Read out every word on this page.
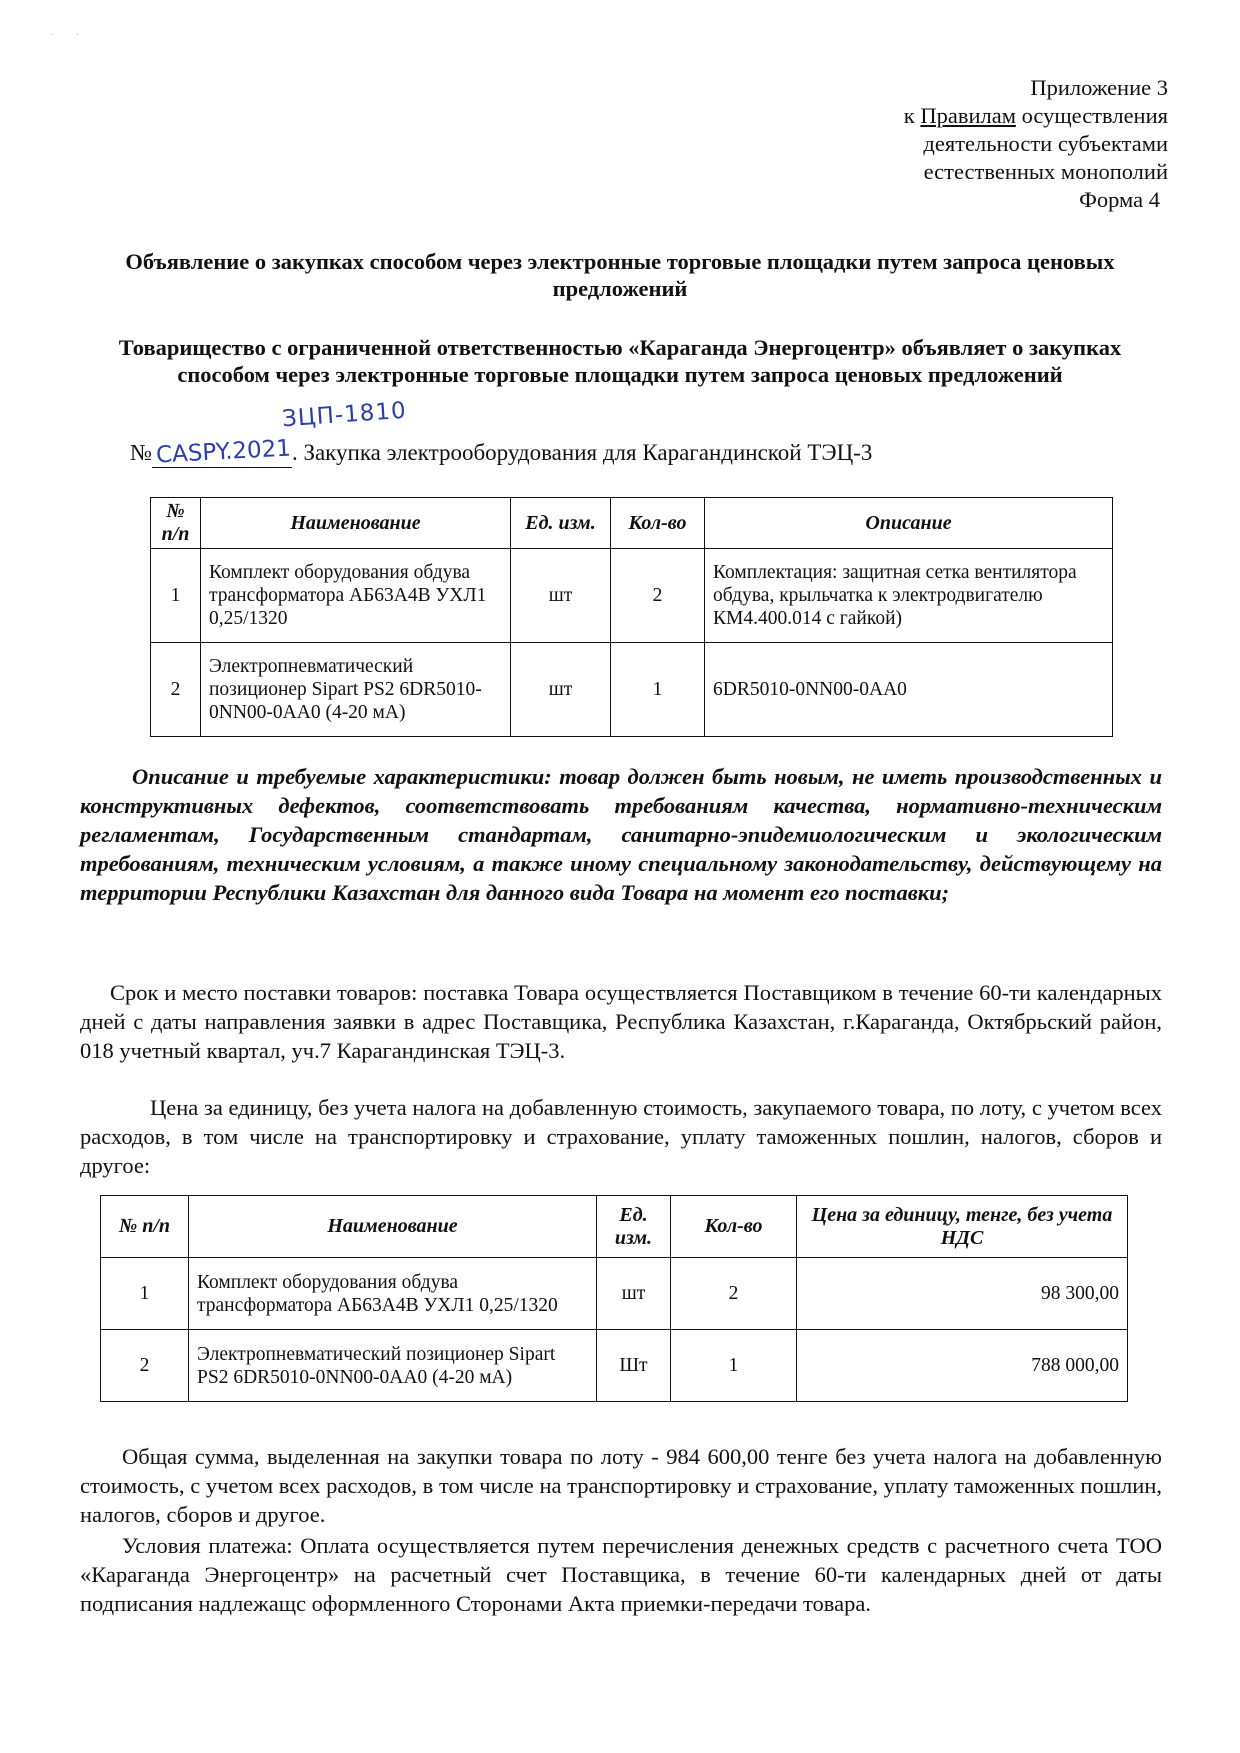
·         ·
Приложение 3
к Правилам осуществления
деятельности субъектами
естественных монополий
Форма 4
Объявление о закупках способом через электронные торговые площадки путем запроса ценовых предложений
Товарищество с ограниченной ответственностью «Караганда Энергоцентр» объявляет о закупках способом через электронные торговые площадки путем запроса ценовых предложений
ЗЦП-1810
№ CASPY.2021 . Закупка электрооборудования для Карагандинской ТЭЦ-3
№ п/п	Наименование	Ед. изм.	Кол-во	Описание
1	Комплект оборудования обдува трансформатора АБ63А4В УХЛ1 0,25/1320	шт	2	Комплектация: защитная сетка вентилятора обдува, крыльчатка к электродвигателю КМ4.400.014 с гайкой)
2	Электропневматический позиционер Sipart PS2 6DR5010-0NN00-0AA0 (4-20 мА)	шт	1	6DR5010-0NN00-0AA0
Описание и требуемые характеристики: товар должен быть новым, не иметь производственных и конструктивных дефектов, соответствовать требованиям качества, нормативно-техническим регламентам, Государственным стандартам, санитарно-эпидемиологическим и экологическим требованиям, техническим условиям, а также иному специальному законодательству, действующему на территории Республики Казахстан для данного вида Товара на момент его поставки;
Срок и место поставки товаров: поставка Товара осуществляется Поставщиком в течение 60-ти календарных дней с даты направления заявки в адрес Поставщика, Республика Казахстан, г.Караганда, Октябрьский район, 018 учетный квартал, уч.7 Карагандинская ТЭЦ-3.
Цена за единицу, без учета налога на добавленную стоимость, закупаемого товара, по лоту, с учетом всех расходов, в том числе на транспортировку и страхование, уплату таможенных пошлин, налогов, сборов и другое:
№ п/п	Наименование	Ед. изм.	Кол-во	Цена за единицу, тенге, без учета НДС
1	Комплект оборудования обдува трансформатора АБ63А4В УХЛ1 0,25/1320	шт	2	98 300,00
2	Электропневматический позиционер Sipart PS2 6DR5010-0NN00-0AA0 (4-20 мА)	Шт	1	788 000,00
Общая сумма, выделенная на закупки товара по лоту - 984 600,00 тенге без учета налога на добавленную стоимость, с учетом всех расходов, в том числе на транспортировку и страхование, уплату таможенных пошлин, налогов, сборов и другое.
Условия платежа: Оплата осуществляется путем перечисления денежных средств с расчетного счета ТОО «Караганда Энергоцентр» на расчетный счет Поставщика, в течение 60-ти календарных дней от даты подписания надлежащс оформленного Сторонами Акта приемки-передачи товара.
